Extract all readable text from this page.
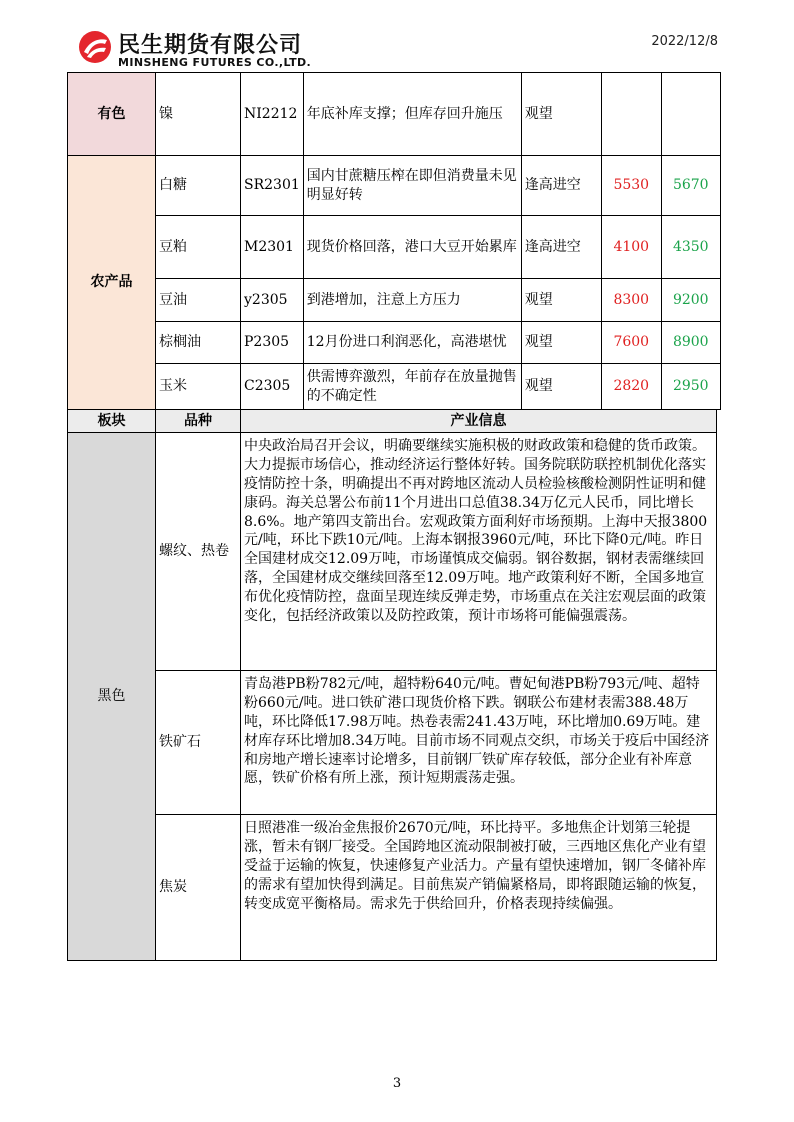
民生期货有限公司
MINSHENG FUTURES CO.,LTD.
2022/12/8
有色	镍	NI2212	年底补库支撑；但库存回升施压	观望		
农产品	白糖	SR2301	国内甘蔗糖压榨在即但消费量未见明显好转	逢高进空	5530	5670
	豆粕	M2301	现货价格回落，港口大豆开始累库	逢高进空	4100	4350
	豆油	y2305	到港增加，注意上方压力	观望	8300	9200
	棕榈油	P2305	12月份进口利润恶化，高港堪忧	观望	7600	8900
	玉米	C2305	供需博弈激烈，年前存在放量抛售的不确定性	观望	2820	2950
板块	品种	产业信息
黑色	螺纹、热卷	中央政治局召开会议，明确要继续实施积极的财政政策和稳健的货币政策。大力提振市场信心，推动经济运行整体好转。国务院联防联控机制优化落实疫情防控十条，明确提出不再对跨地区流动人员检验核酸检测阴性证明和健康码。海关总署公布前11个月进出口总值38.34万亿元人民币，同比增长8.6%。地产第四支箭出台。宏观政策方面利好市场预期。上海中天报3800元/吨，环比下跌10元/吨。上海本钢报3960元/吨，环比下降0元/吨。昨日全国建材成交12.09万吨，市场谨慎成交偏弱。钢谷数据，钢材表需继续回落，全国建材成交继续回落至12.09万吨。地产政策利好不断，全国多地宣布优化疫情防控，盘面呈现连续反弹走势，市场重点在关注宏观层面的政策变化，包括经济政策以及防控政策，预计市场将可能偏强震荡。
	铁矿石	青岛港PB粉782元/吨，超特粉640元/吨。曹妃甸港PB粉793元/吨、超特粉660元/吨。进口铁矿港口现货价格下跌。钢联公布建材表需388.48万吨，环比降低17.98万吨。热卷表需241.43万吨，环比增加0.69万吨。建材库存环比增加8.34万吨。目前市场不同观点交织，市场关于疫后中国经济和房地产增长速率讨论增多，目前钢厂铁矿库存较低，部分企业有补库意愿，铁矿价格有所上涨，预计短期震荡走强。
	焦炭	日照港准一级冶金焦报价2670元/吨，环比持平。多地焦企计划第三轮提涨，暂未有钢厂接受。全国跨地区流动限制被打破，三西地区焦化产业有望受益于运输的恢复，快速修复产业活力。产量有望快速增加，钢厂冬储补库的需求有望加快得到满足。目前焦炭产销偏紧格局，即将跟随运输的恢复，转变成宽平衡格局。需求先于供给回升，价格表现持续偏强。
3
